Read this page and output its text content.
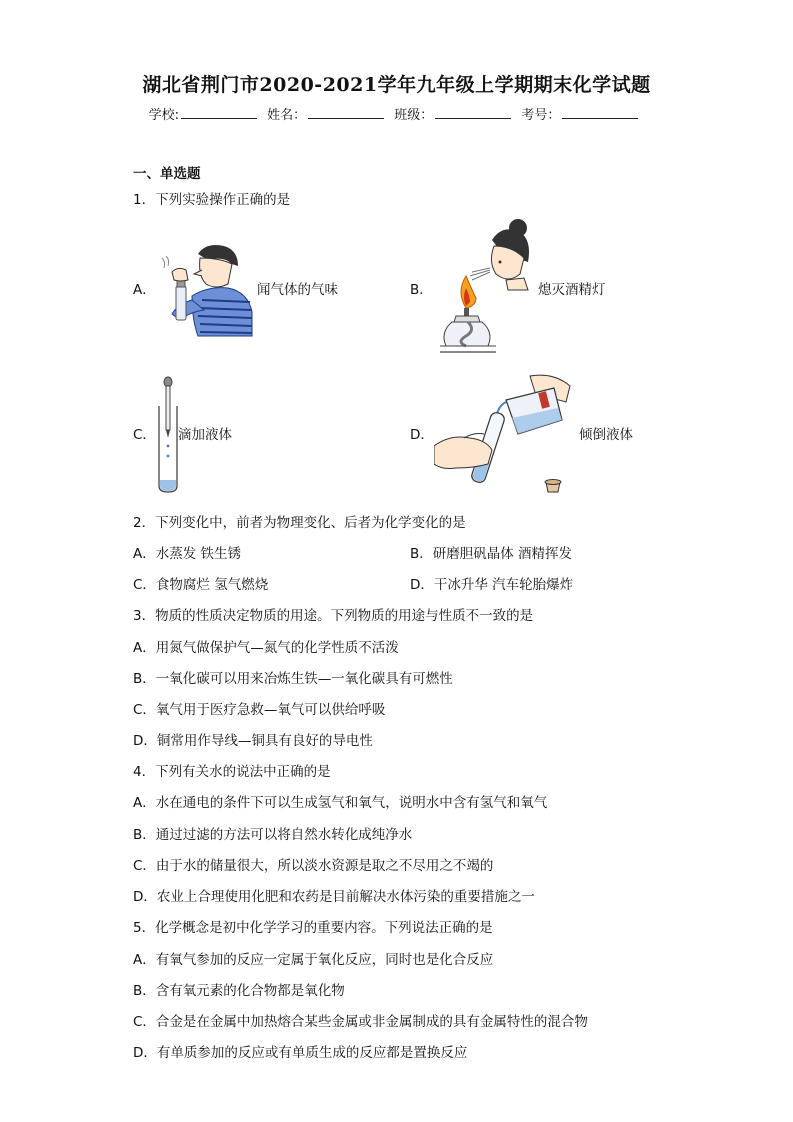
湖北省荆门市2020-2021学年九年级上学期期末化学试题
学校:	姓名：	班级：	考号：
一、单选题
1．下列实验操作正确的是
A．	闻气体的气味	B．	熄灭酒精灯
C． 滴加液体	D．	倾倒液体
2．下列变化中，前者为物理变化、后者为化学变化的是
A．水蒸发 铁生锈	B．研磨胆矾晶体 酒精挥发
C．食物腐烂 氢气燃烧	D．干冰升华 汽车轮胎爆炸
3．物质的性质决定物质的用途。下列物质的用途与性质不一致的是
A．用氮气做保护气—氮气的化学性质不活泼
B．一氧化碳可以用来冶炼生铁—一氧化碳具有可燃性
C．氧气用于医疗急救—氧气可以供给呼吸
D．铜常用作导线—铜具有良好的导电性
4．下列有关水的说法中正确的是
A．水在通电的条件下可以生成氢气和氧气，说明水中含有氢气和氧气
B．通过过滤的方法可以将自然水转化成纯净水
C．由于水的储量很大，所以淡水资源是取之不尽用之不竭的
D．农业上合理使用化肥和农药是目前解决水体污染的重要措施之一
5．化学概念是初中化学学习的重要内容。下列说法正确的是
A．有氧气参加的反应一定属于氧化反应，同时也是化合反应
B．含有氧元素的化合物都是氧化物
C．合金是在金属中加热熔合某些金属或非金属制成的具有金属特性的混合物
D．有单质参加的反应或有单质生成的反应都是置换反应
